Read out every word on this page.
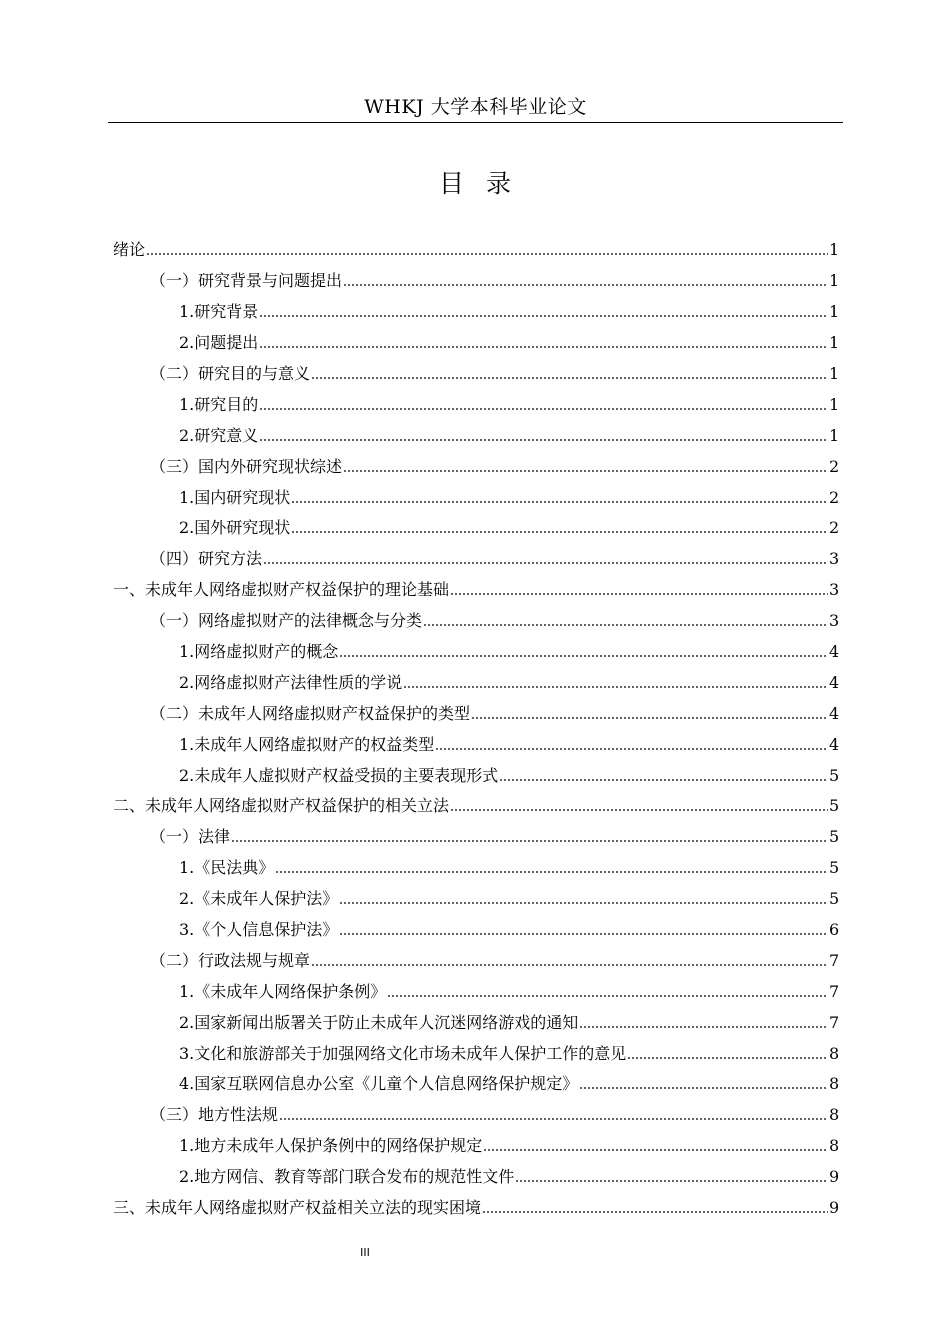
WHKJ 大学本科毕业论文
目录
绪论	1
（一）研究背景与问题提出	1
1.研究背景	1
2.问题提出	1
（二）研究目的与意义	1
1.研究目的	1
2.研究意义	1
（三）国内外研究现状综述	2
1.国内研究现状	2
2.国外研究现状	2
（四）研究方法	3
一、未成年人网络虚拟财产权益保护的理论基础	3
（一）网络虚拟财产的法律概念与分类	3
1.网络虚拟财产的概念	4
2.网络虚拟财产法律性质的学说	4
（二）未成年人网络虚拟财产权益保护的类型	4
1.未成年人网络虚拟财产的权益类型	4
2.未成年人虚拟财产权益受损的主要表现形式	5
二、未成年人网络虚拟财产权益保护的相关立法	5
（一）法律	5
1.《民法典》	5
2.《未成年人保护法》	5
3.《个人信息保护法》	6
（二）行政法规与规章	7
1.《未成年人网络保护条例》	7
2.国家新闻出版署关于防止未成年人沉迷网络游戏的通知	7
3.文化和旅游部关于加强网络文化市场未成年人保护工作的意见	8
4.国家互联网信息办公室《儿童个人信息网络保护规定》	8
（三）地方性法规	8
1.地方未成年人保护条例中的网络保护规定	8
2.地方网信、教育等部门联合发布的规范性文件	9
三、未成年人网络虚拟财产权益相关立法的现实困境	9
III
